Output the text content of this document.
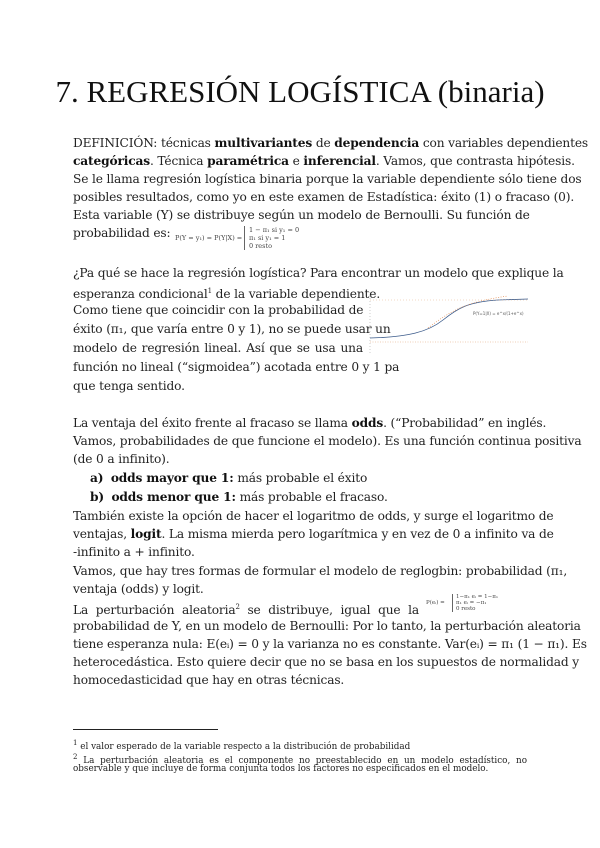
7. REGRESIÓN LOGÍSTICA (binaria)
DEFINICIÓN: técnicas multivariantes de dependencia con variables dependientes
categóricas. Técnica paramétrica e inferencial. Vamos, que contrasta hipótesis.
Se le llama regresión logística binaria porque la variable dependiente sólo tiene dos
posibles resultados, como yo en este examen de Estadística: éxito (1) o fracaso (0).
Esta variable (Y) se distribuye según un modelo de Bernoulli. Su función de
probabilidad es: P(Y = y₁) = P(Y|X) =
1 − π₁ si y₁ = 0
π₁ si y₁ = 1
0 resto
¿Pa qué se hace la regresión logística? Para encontrar un modelo que explique la
esperanza condicional$^1$ de la variable dependiente.
Como tiene que coincidir con la probabilidad de
éxito (π₁, que varía entre 0 y 1), no se puede usar un
modelo de regresión lineal. Así que se usa una
función no lineal (“sigmoidea”) acotada entre 0 y 1 pa
que tenga sentido.
P(Y=1|X) = e^x/(1+e^x)
La ventaja del éxito frente al fracaso se llama odds. (“Probabilidad” en inglés.
Vamos, probabilidades de que funcione el modelo). Es una función continua positiva
(de 0 a infinito).
a) odds mayor que 1: más probable el éxito
b) odds menor que 1: más probable el fracaso.
También existe la opción de hacer el logaritmo de odds, y surge el logaritmo de
ventajas, logit. La misma mierda pero logarítmica y en vez de 0 a infinito va de
-infinito a + infinito.
Vamos, que hay tres formas de formular el modelo de reglogbin: probabilidad (π₁,
ventaja (odds) y logit.
La perturbación aleatoria$^2$ se distribuye, igual que la
P(eᵢ) =
1−π₁ eᵢ = 1−π₁
π₁ eᵢ = −π₁
0 resto
probabilidad de Y, en un modelo de Bernoulli: Por lo tanto, la perturbación aleatoria
tiene esperanza nula: E(eᵢ) = 0 y la varianza no es constante. Var(eᵢ) = π₁ (1 − π₁). Es
heterocedástica. Esto quiere decir que no se basa en los supuestos de normalidad y
homocedasticidad que hay en otras técnicas.
$^1$ el valor esperado de la variable respecto a la distribución de probabilidad
$^2$ La perturbación aleatoria es el componente no preestablecido en un modelo estadístico, no
observable y que incluye de forma conjunta todos los factores no especificados en el modelo.
